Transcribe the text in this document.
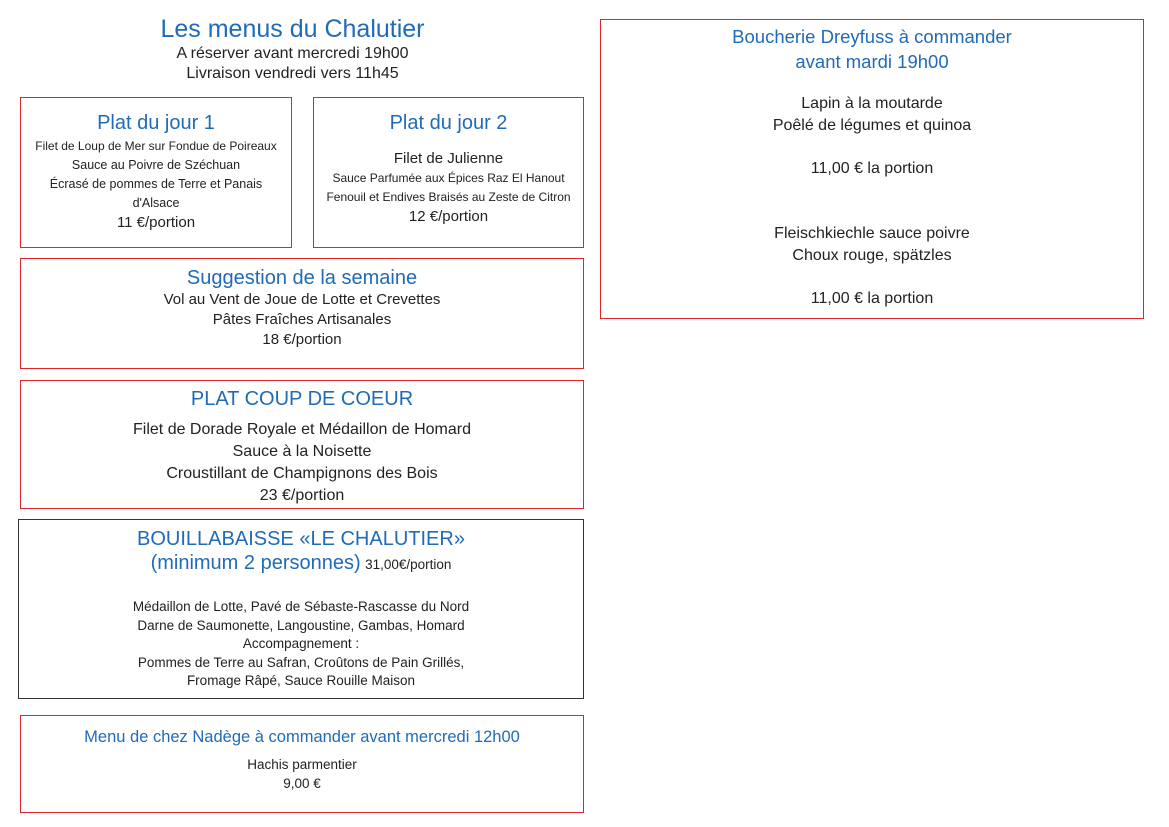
Les menus du Chalutier
A réserver avant mercredi 19h00
Livraison vendredi vers 11h45
Plat du jour 1
Filet de Loup de Mer sur Fondue de Poireaux
Sauce au Poivre de Széchuan
Écrasé de pommes de Terre et Panais
d'Alsace
11 €/portion
Plat du jour 2
Filet de Julienne
Sauce Parfumée aux Épices Raz El Hanout
Fenouil et Endives Braisés au Zeste de Citron
12 €/portion
Suggestion de la semaine
Vol au Vent de Joue de Lotte et Crevettes
Pâtes Fraîches Artisanales
18 €/portion
PLAT COUP DE COEUR
Filet de Dorade Royale et Médaillon de Homard
Sauce à la Noisette
Croustillant de Champignons des Bois
23 €/portion
BOUILLABAISSE «LE CHALUTIER»
(minimum 2 personnes) 31,00€/portion
Médaillon de Lotte, Pavé de Sébaste-Rascasse du Nord
Darne de Saumonette, Langoustine, Gambas, Homard
Accompagnement :
Pommes de Terre au Safran, Croûtons de Pain Grillés,
Fromage Râpé, Sauce Rouille Maison
Menu de chez Nadège à commander avant mercredi 12h00
Hachis parmentier
9,00 €
Boucherie Dreyfuss à commander
avant mardi 19h00
Lapin à la moutarde
Poêlé de légumes et quinoa
11,00 € la portion
Fleischkiechle sauce poivre
Choux rouge, spätzles
11,00 € la portion
